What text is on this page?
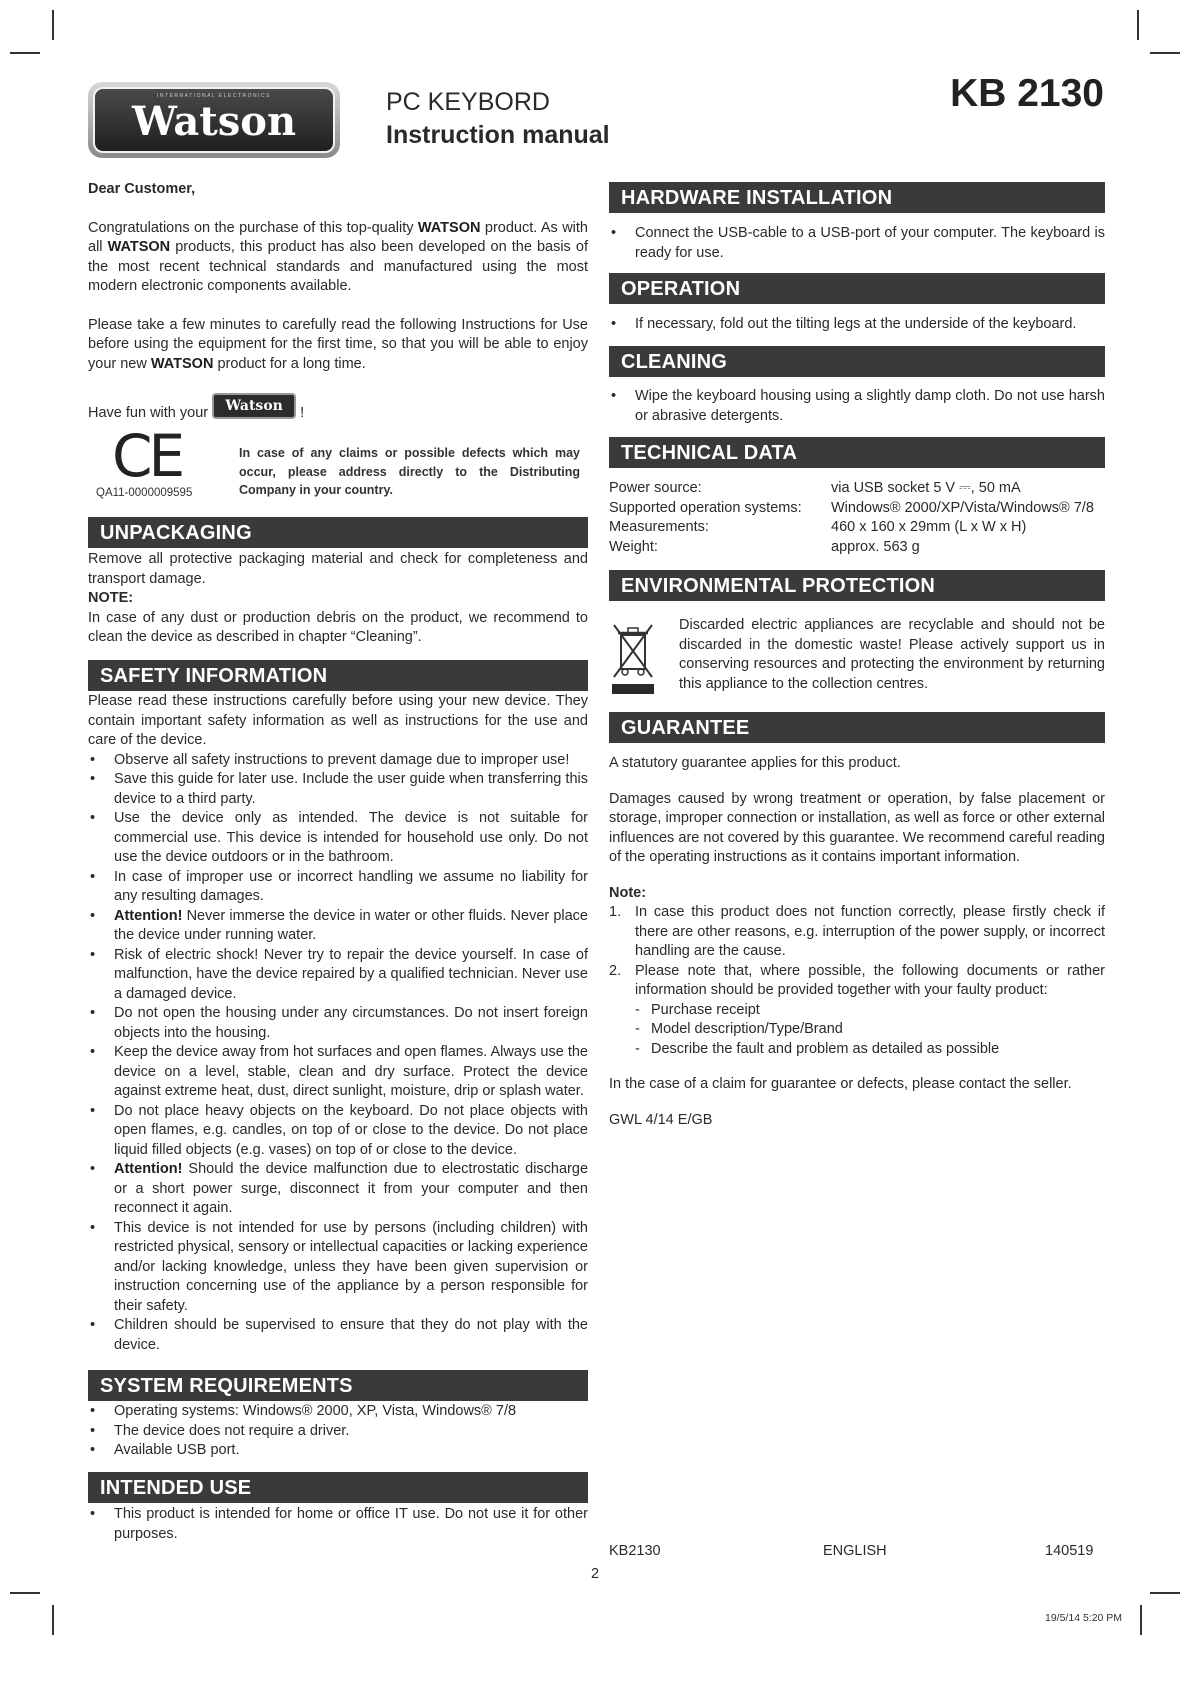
INTERNATIONAL ELECTRONICS
Watson	PC KEYBORD
Instruction manual
KB 2130
Dear Customer,
Congratulations on the purchase of this top-quality WATSON product. As with all WATSON products, this product has also been developed on the basis of the most recent technical standards and manufactured using the most modern electronic components available.
Please take a few minutes to carefully read the following Instructions for Use before using the equipment for the first time, so that you will be able to enjoy your new WATSON product for a long time.
Have fun with your Watson !
CE
QA11-0000009595
In case of any claims or possible defects which may occur, please address directly to the Distributing Company in your country.
UNPACKAGING
Remove all protective packaging material and check for completeness and transport damage.
NOTE:
In case of any dust or production debris on the product, we recommend to clean the device as described in chapter “Cleaning”.
SAFETY INFORMATION
Please read these instructions carefully before using your new device. They contain important safety information as well as instructions for the use and care of the device.
• Observe all safety instructions to prevent damage due to improper use!
• Save this guide for later use. Include the user guide when transferring this device to a third party.
• Use the device only as intended. The device is not suitable for commercial use. This device is intended for household use only. Do not use the device outdoors or in the bathroom.
• In case of improper use or incorrect handling we assume no liability for any resulting damages.
• Attention! Never immerse the device in water or other fluids. Never place the device under running water.
• Risk of electric shock! Never try to repair the device yourself. In case of malfunction, have the device repaired by a qualified technician. Never use a damaged device.
• Do not open the housing under any circumstances. Do not insert foreign objects into the housing.
• Keep the device away from hot surfaces and open flames. Always use the device on a level, stable, clean and dry surface. Protect the device against extreme heat, dust, direct sunlight, moisture, drip or splash water.
• Do not place heavy objects on the keyboard. Do not place objects with open flames, e.g. candles, on top of or close to the device. Do not place liquid filled objects (e.g. vases) on top of or close to the device.
• Attention! Should the device malfunction due to electrostatic discharge or a short power surge, disconnect it from your computer and then reconnect it again.
• This device is not intended for use by persons (including children) with restricted physical, sensory or intellectual capacities or lacking experience and/or lacking knowledge, unless they have been given supervision or instruction concerning use of the appliance by a person responsible for their safety.
• Children should be supervised to ensure that they do not play with the device.
SYSTEM REQUIREMENTS
• Operating systems: Windows® 2000, XP, Vista, Windows® 7/8
• The device does not require a driver.
• Available USB port.
INTENDED USE
• This product is intended for home or office IT use. Do not use it for other purposes.
HARDWARE INSTALLATION
• Connect the USB-cable to a USB-port of your computer. The keyboard is ready for use.
OPERATION
• If necessary, fold out the tilting legs at the underside of the keyboard.
CLEANING
• Wipe the keyboard housing using a slightly damp cloth. Do not use harsh or abrasive detergents.
TECHNICAL DATA
Power source:	via USB socket 5 V ⎓, 50 mA
Supported operation systems:	Windows® 2000/XP/Vista/Windows® 7/8
Measurements:	460 x 160 x 29mm (L x W x H)
Weight:	approx. 563 g
ENVIRONMENTAL PROTECTION
Discarded electric appliances are recyclable and should not be discarded in the domestic waste! Please actively support us in conserving resources and protecting the environment by returning this appliance to the collection centres.
GUARANTEE
A statutory guarantee applies for this product.
Damages caused by wrong treatment or operation, by false placement or storage, improper connection or installation, as well as force or other external influences are not covered by this guarantee. We recommend careful reading of the operating instructions as it contains important information.
Note:
1. In case this product does not function correctly, please firstly check if there are other reasons, e.g. interruption of the power supply, or incorrect handling are the cause.
2. Please note that, where possible, the following documents or rather information should be provided together with your faulty product:
- Purchase receipt
- Model description/Type/Brand
- Describe the fault and problem as detailed as possible
In the case of a claim for guarantee or defects, please contact the seller.
GWL 4/14 E/GB
KB2130	ENGLISH	140519
2
19/5/14 5:20 PM
